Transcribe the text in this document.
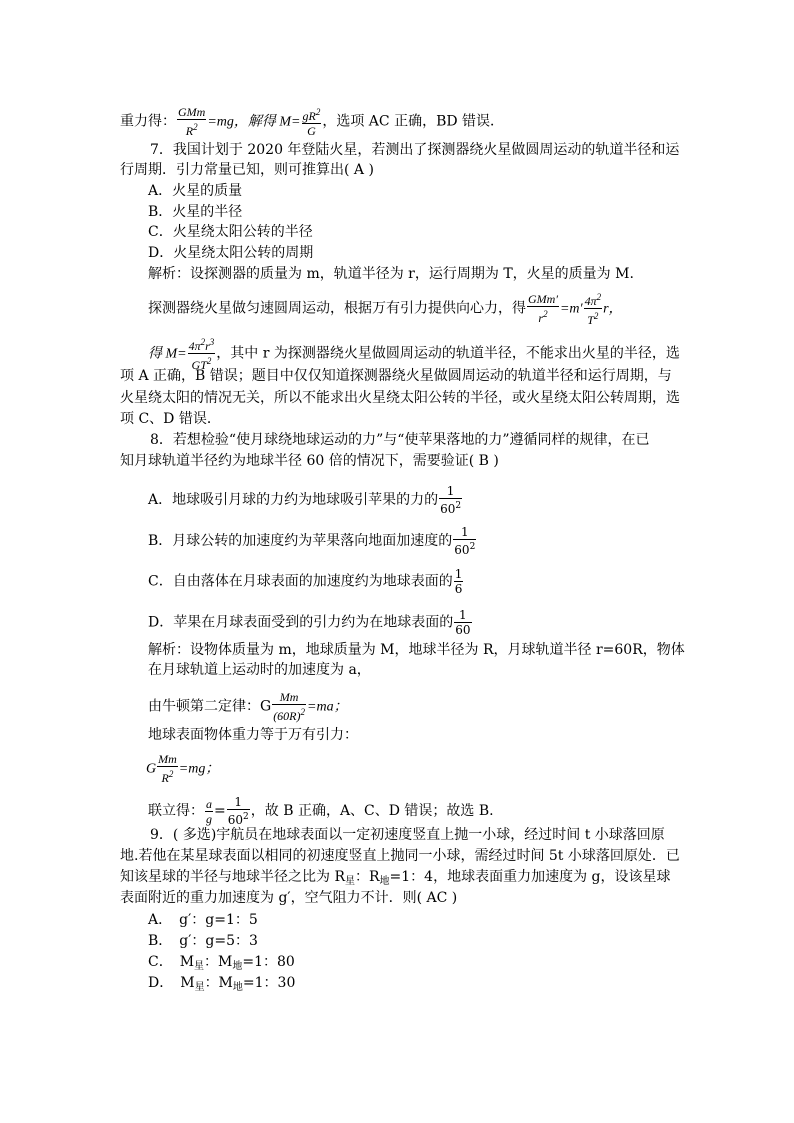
重力得： $\frac{\text{GMm}}{R^2} =mg$，解得 $M= \frac{gR^2}{G}$ ，选项 AC 正确，BD 错误．
7．我国计划于 2020 年登陆火星，若测出了探测器绕火星做圆周运动的轨道半径和运
行周期．引力常量已知，则可推算出( A )
A．火星的质量
B．火星的半径
C．火星绕太阳公转的半径
D．火星绕太阳公转的周期
解析：设探测器的质量为 m，轨道半径为 r，运行周期为 T，火星的质量为 M.
探测器绕火星做匀速圆周运动，根据万有引力提供向心力，得 $\frac{\text{GMm′}}{r^2} =m' \frac{4\pi^2}{T^2}$ r，
得 $M= \frac{4\pi^2r^3}{GT^2}$ ，其中 r 为探测器绕火星做圆周运动的轨道半径，不能求出火星的半径，选
项 A 正确，B 错误；题目中仅仅知道探测器绕火星做圆周运动的轨道半径和运行周期，与
火星绕太阳的情况无关，所以不能求出火星绕太阳公转的半径，或火星绕太阳公转周期，选
项 C、D 错误．
8．若想检验“使月球绕地球运动的力”与“使苹果落地的力”遵循同样的规律，在已
知月球轨道半径约为地球半径 60 倍的情况下，需要验证( B )
A．地球吸引月球的力约为地球吸引苹果的力的 $\frac{1}{60^2}$
B．月球公转的加速度约为苹果落向地面加速度的 $\frac{1}{60^2}$
C．自由落体在月球表面的加速度约为地球表面的 $\frac{1}{6}$
D．苹果在月球表面受到的引力约为在地球表面的 $\frac{1}{60}$
解析：设物体质量为 m，地球质量为 M，地球半径为 R，月球轨道半径 r=60R，物体
在月球轨道上运动时的加速度为 a，
由牛顿第二定律：G $\frac{Mm}{(60R)^2} =ma$；
地球表面物体重力等于万有引力：
G $\frac{Mm}{R^2} =mg$；
联立得： $\frac{a}{g} = \frac{1}{60^2}$ ，故 B 正确，A、C、D 错误；故选 B.
9．( 多选)宇航员在地球表面以一定初速度竖直上抛一小球，经过时间 t 小球落回原
地.若他在某星球表面以相同的初速度竖直上抛同一小球，需经过时间 5t 小球落回原处．已
知该星球的半径与地球半径之比为 $R_星$：$R_地=1$：4，地球表面重力加速度为 g，设该星球
表面附近的重力加速度为 g′，空气阻力不计．则( AC )
A．　g′：g=1：5
B．　g′：g=5：3
C．　$M_星$：$M_地=1$：80
D．　$M_星$：$M_地=1$：30
